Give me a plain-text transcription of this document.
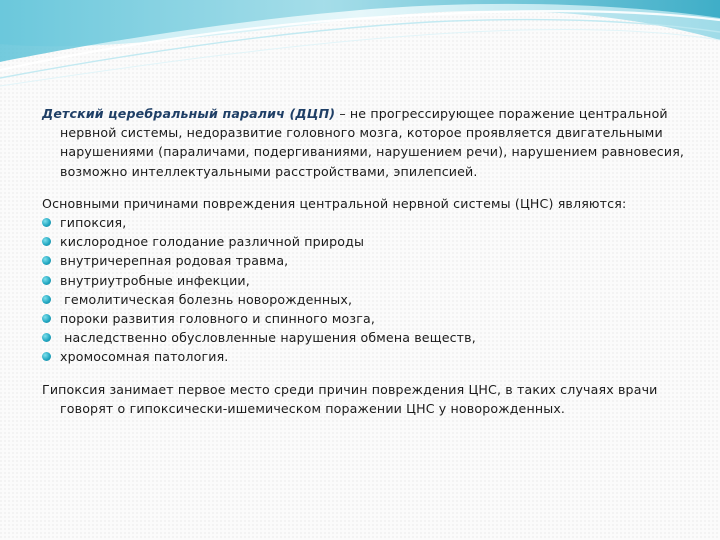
Детский церебральный паралич (ДЦП) – не прогрессирующее поражение центральной нервной системы, недоразвитие головного мозга, которое проявляется двигательными нарушениями (параличами, подергиваниями, нарушением речи), нарушением равновесия, возможно интеллектуальными расстройствами, эпилепсией.

Основными причинами повреждения центральной нервной системы (ЦНС) являются:

гипоксия,
кислородное голодание различной природы
внутричерепная родовая травма,
внутриутробные инфекции,
гемолитическая болезнь новорожденных,
пороки развития головного и спинного мозга,
наследственно обусловленные нарушения обмена веществ,
хромосомная патология.

Гипоксия занимает первое место среди причин повреждения ЦНС, в таких случаях врачи говорят о гипоксически-ишемическом поражении ЦНС у новорожденных.
